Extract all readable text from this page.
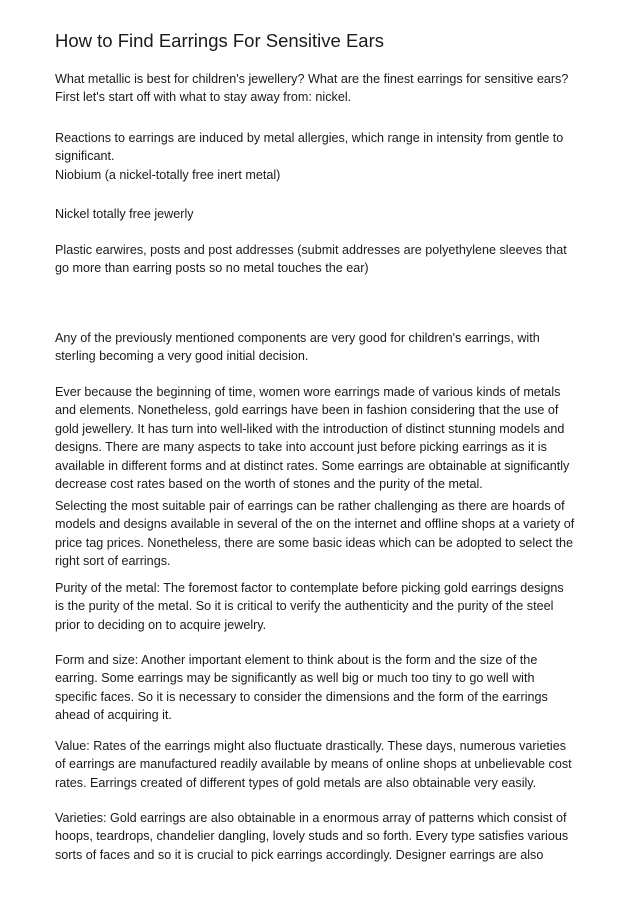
How to Find Earrings For Sensitive Ears

What metallic is best for children's jewellery? What are the finest earrings for sensitive ears?
First let's start off with what to stay away from: nickel.

Reactions to earrings are induced by metal allergies, which range in intensity from gentle to
significant.
Niobium (a nickel-totally free inert metal)

Nickel totally free jewerly

Plastic earwires, posts and post addresses (submit addresses are polyethylene sleeves that
go more than earring posts so no metal touches the ear)

Any of the previously mentioned components are very good for children's earrings, with
sterling becoming a very good initial decision.

Ever because the beginning of time, women wore earrings made of various kinds of metals
and elements. Nonetheless, gold earrings have been in fashion considering that the use of
gold jewellery. It has turn into well-liked with the introduction of distinct stunning models and
designs. There are many aspects to take into account just before picking earrings as it is
available in different forms and at distinct rates. Some earrings are obtainable at significantly
decrease cost rates based on the worth of stones and the purity of the metal.

Selecting the most suitable pair of earrings can be rather challenging as there are hoards of
models and designs available in several of the on the internet and offline shops at a variety of
price tag prices. Nonetheless, there are some basic ideas which can be adopted to select the
right sort of earrings.

Purity of the metal: The foremost factor to contemplate before picking gold earrings designs
is the purity of the metal. So it is critical to verify the authenticity and the purity of the steel
prior to deciding on to acquire jewelry.

Form and size: Another important element to think about is the form and the size of the
earring. Some earrings may be significantly as well big or much too tiny to go well with
specific faces. So it is necessary to consider the dimensions and the form of the earrings
ahead of acquiring it.

Value: Rates of the earrings might also fluctuate drastically. These days, numerous varieties
of earrings are manufactured readily available by means of online shops at unbelievable cost
rates. Earrings created of different types of gold metals are also obtainable very easily.

Varieties: Gold earrings are also obtainable in a enormous array of patterns which consist of
hoops, teardrops, chandelier dangling, lovely studs and so forth. Every type satisfies various
sorts of faces and so it is crucial to pick earrings accordingly. Designer earrings are also
